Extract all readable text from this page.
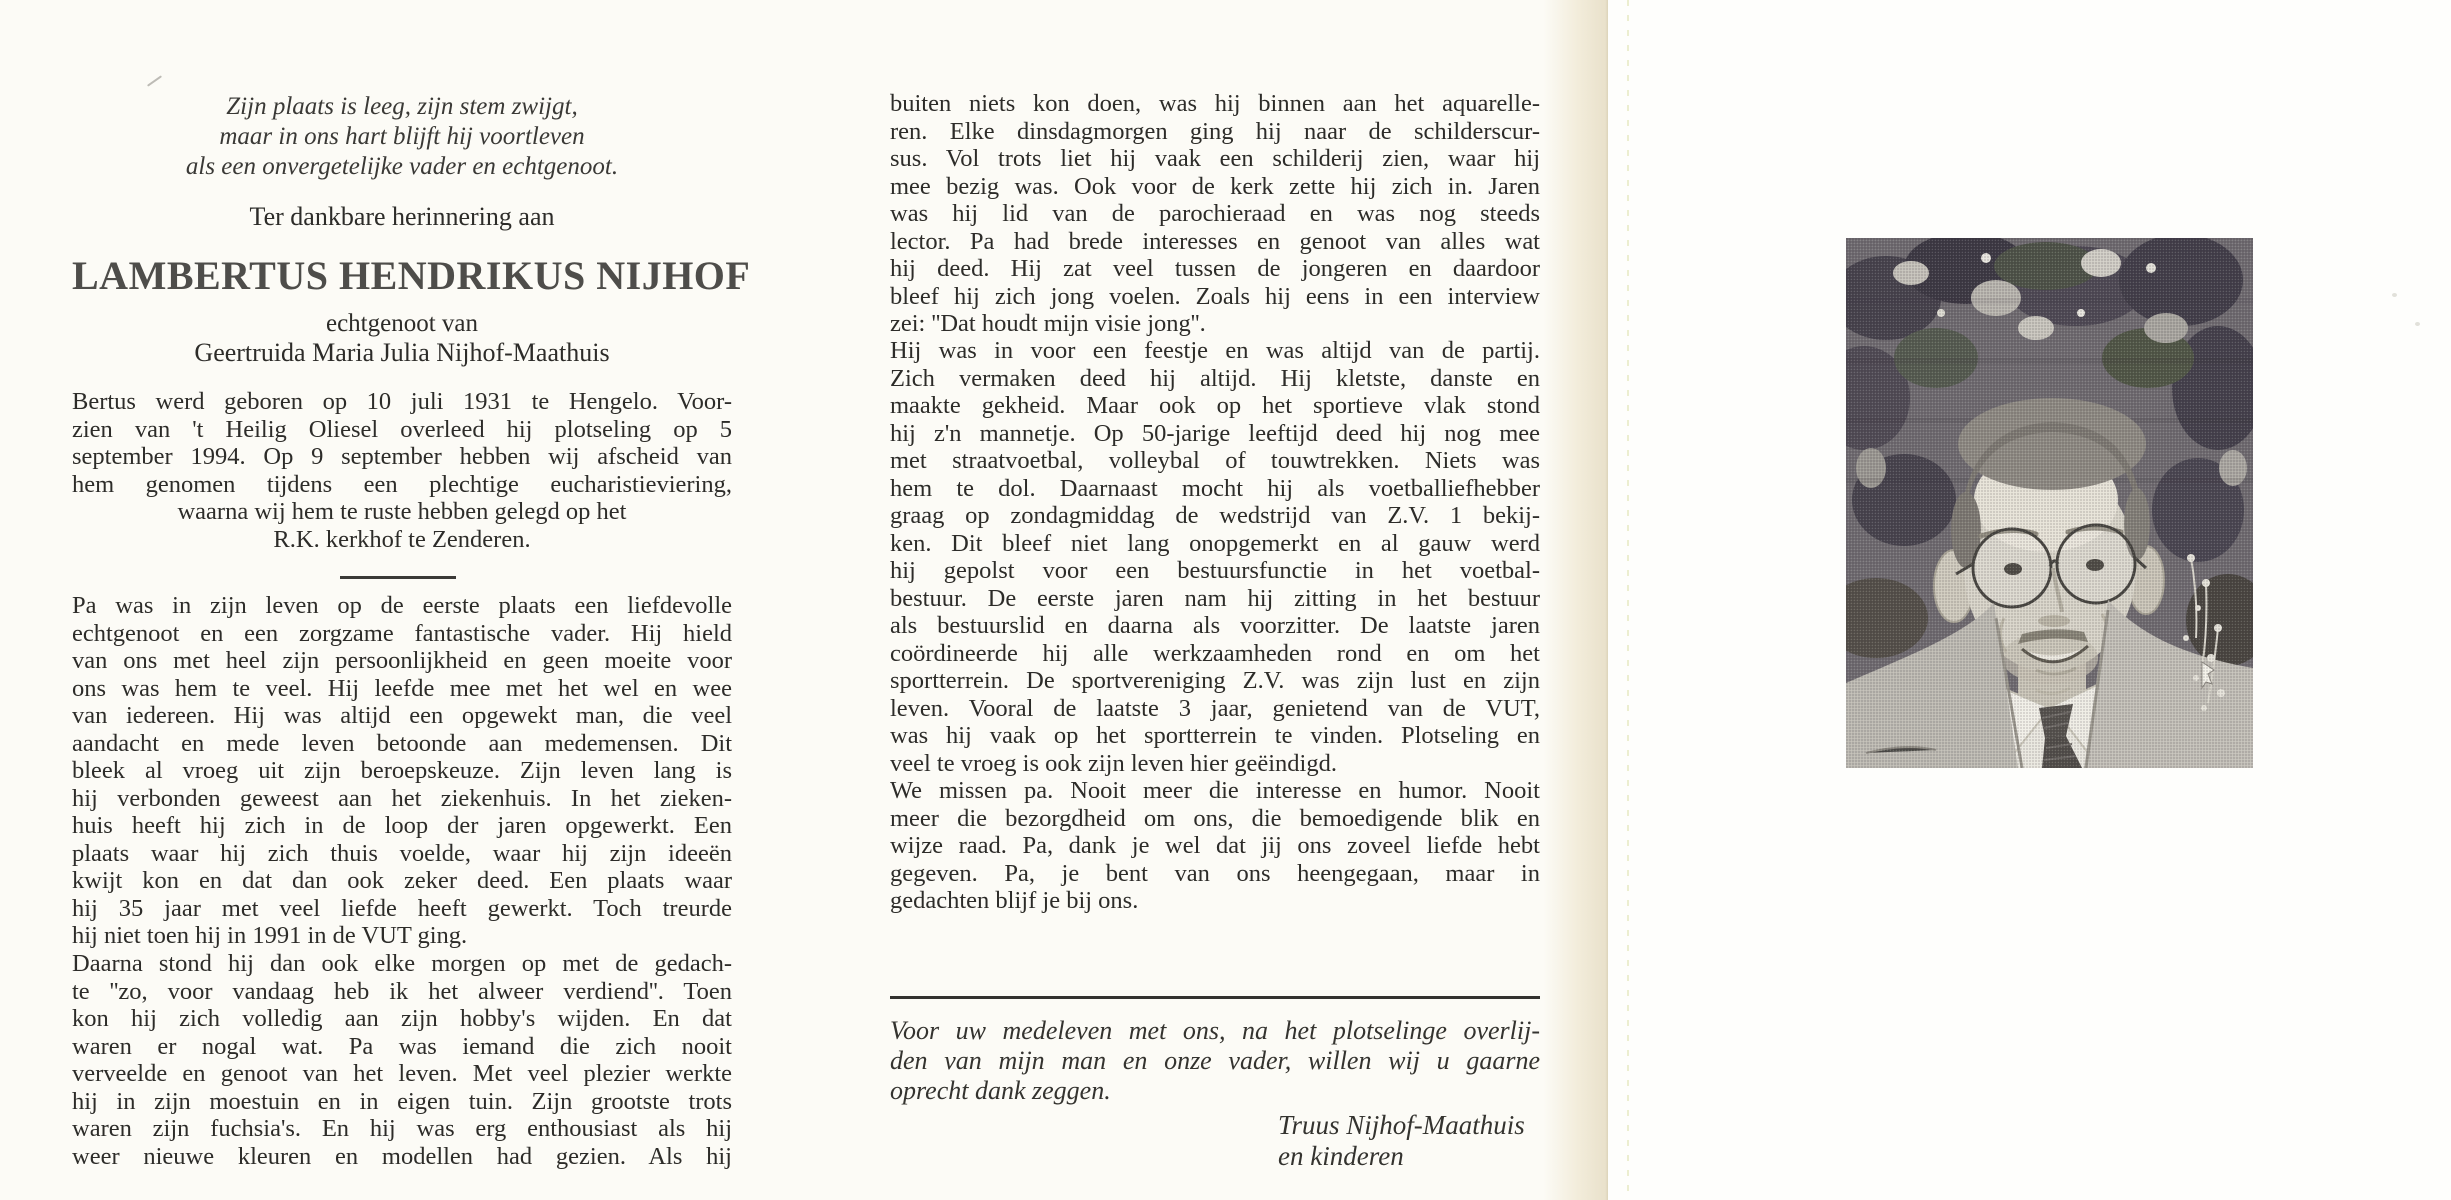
Zijn plaats is leeg, zijn stem zwijgt,
maar in ons hart blijft hij voortleven
als een onvergetelijke vader en echtgenoot.
Ter dankbare herinnering aan
LAMBERTUS HENDRIKUS NIJHOF
echtgenoot van
Geertruida Maria Julia Nijhof-Maathuis
Bertus werd geboren op 10 juli 1931 te Hengelo. Voor-
zien van 't Heilig Oliesel overleed hij plotseling op 5
september 1994. Op 9 september hebben wij afscheid van
hem genomen tijdens een plechtige eucharistieviering,
waarna wij hem te ruste hebben gelegd op het
R.K. kerkhof te Zenderen.
Pa was in zijn leven op de eerste plaats een liefdevolle
echtgenoot en een zorgzame fantastische vader. Hij hield
van ons met heel zijn persoonlijkheid en geen moeite voor
ons was hem te veel. Hij leefde mee met het wel en wee
van iedereen. Hij was altijd een opgewekt man, die veel
aandacht en mede leven betoonde aan medemensen. Dit
bleek al vroeg uit zijn beroepskeuze. Zijn leven lang is
hij verbonden geweest aan het ziekenhuis. In het zieken-
huis heeft hij zich in de loop der jaren opgewerkt. Een
plaats waar hij zich thuis voelde, waar hij zijn ideeën
kwijt kon en dat dan ook zeker deed. Een plaats waar
hij 35 jaar met veel liefde heeft gewerkt. Toch treurde
hij niet toen hij in 1991 in de VUT ging.
Daarna stond hij dan ook elke morgen op met de gedach-
te ''zo, voor vandaag heb ik het alweer verdiend''. Toen
kon hij zich volledig aan zijn hobby's wijden. En dat
waren er nogal wat. Pa was iemand die zich nooit
verveelde en genoot van het leven. Met veel plezier werkte
hij in zijn moestuin en in eigen tuin. Zijn grootste trots
waren zijn fuchsia's. En hij was erg enthousiast als hij
weer nieuwe kleuren en modellen had gezien. Als hij
buiten niets kon doen, was hij binnen aan het aquarelle-
ren. Elke dinsdagmorgen ging hij naar de schilderscur-
sus. Vol trots liet hij vaak een schilderij zien, waar hij
mee bezig was. Ook voor de kerk zette hij zich in. Jaren
was hij lid van de parochieraad en was nog steeds
lector. Pa had brede interesses en genoot van alles wat
hij deed. Hij zat veel tussen de jongeren en daardoor
bleef hij zich jong voelen. Zoals hij eens in een interview
zei: ''Dat houdt mijn visie jong''.
Hij was in voor een feestje en was altijd van de partij.
Zich vermaken deed hij altijd. Hij kletste, danste en
maakte gekheid. Maar ook op het sportieve vlak stond
hij z'n mannetje. Op 50-jarige leeftijd deed hij nog mee
met straatvoetbal, volleybal of touwtrekken. Niets was
hem te dol. Daarnaast mocht hij als voetballiefhebber
graag op zondagmiddag de wedstrijd van Z.V. 1 bekij-
ken. Dit bleef niet lang onopgemerkt en al gauw werd
hij gepolst voor een bestuursfunctie in het voetbal-
bestuur. De eerste jaren nam hij zitting in het bestuur
als bestuurslid en daarna als voorzitter. De laatste jaren
coördineerde hij alle werkzaamheden rond en om het
sportterrein. De sportvereniging Z.V. was zijn lust en zijn
leven. Vooral de laatste 3 jaar, genietend van de VUT,
was hij vaak op het sportterrein te vinden. Plotseling en
veel te vroeg is ook zijn leven hier geëindigd.
We missen pa. Nooit meer die interesse en humor. Nooit
meer die bezorgdheid om ons, die bemoedigende blik en
wijze raad. Pa, dank je wel dat jij ons zoveel liefde hebt
gegeven. Pa, je bent van ons heengegaan, maar in
gedachten blijf je bij ons.
Voor uw medeleven met ons, na het plotselinge overlij-
den van mijn man en onze vader, willen wij u gaarne
oprecht dank zeggen.
Truus Nijhof-Maathuis
en kinderen
